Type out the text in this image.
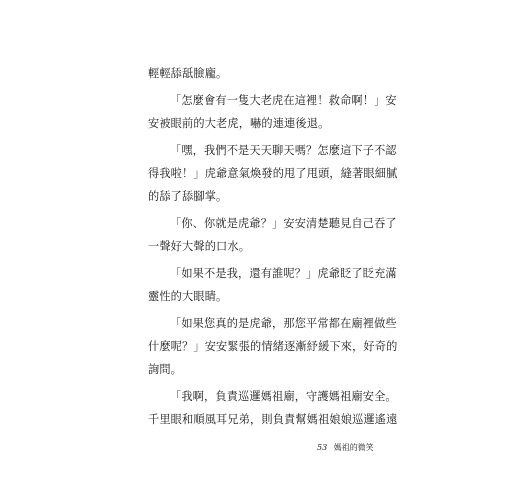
輕輕舔舐臉龐。
「怎麼會有一隻大老虎在這裡！救命啊！」安
安被眼前的大老虎，嚇的連連後退。
「嘿，我們不是天天聊天嗎？怎麼這下子不認
得我啦！」虎爺意氣煥發的甩了甩頭，縫著眼細膩
的舔了舔腳掌。
「你、你就是虎爺？」安安清楚聽見自己吞了
一聲好大聲的口水。
「如果不是我，還有誰呢？」虎爺眨了眨充滿
靈性的大眼睛。
「如果您真的是虎爺，那您平常都在廟裡做些
什麼呢？」安安緊張的情緒逐漸紓緩下來，好奇的
詢問。
「我啊，負責巡邏媽祖廟，守護媽祖廟安全。
千里眼和順風耳兄弟，則負責幫媽祖娘娘巡邏遙遠
53 媽祖的微笑
